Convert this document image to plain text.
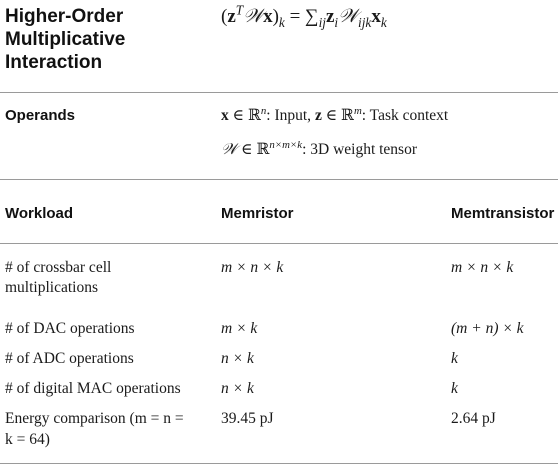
Higher-Order
Multiplicative
Interaction
$(z^T𝒲x)_k$ = $\sum_{ij}z_i𝒲_{ijk}x_k$
Operands	x ∈ ℝ$^n$: Input, z ∈ ℝ$^m$: Task context
𝒲 ∈ ℝ$^{n\times m\times k}$: 3D weight tensor
Workload	Memristor	Memtransistor
# of crossbar cell
multiplications
m × n × k	m × n × k
# of DAC operations	m × k	(m + n) × k
# of ADC operations	n × k	k
# of digital MAC operations	n × k	k
Energy comparison (m = n =
k = 64)
39.45 pJ	2.64 pJ
